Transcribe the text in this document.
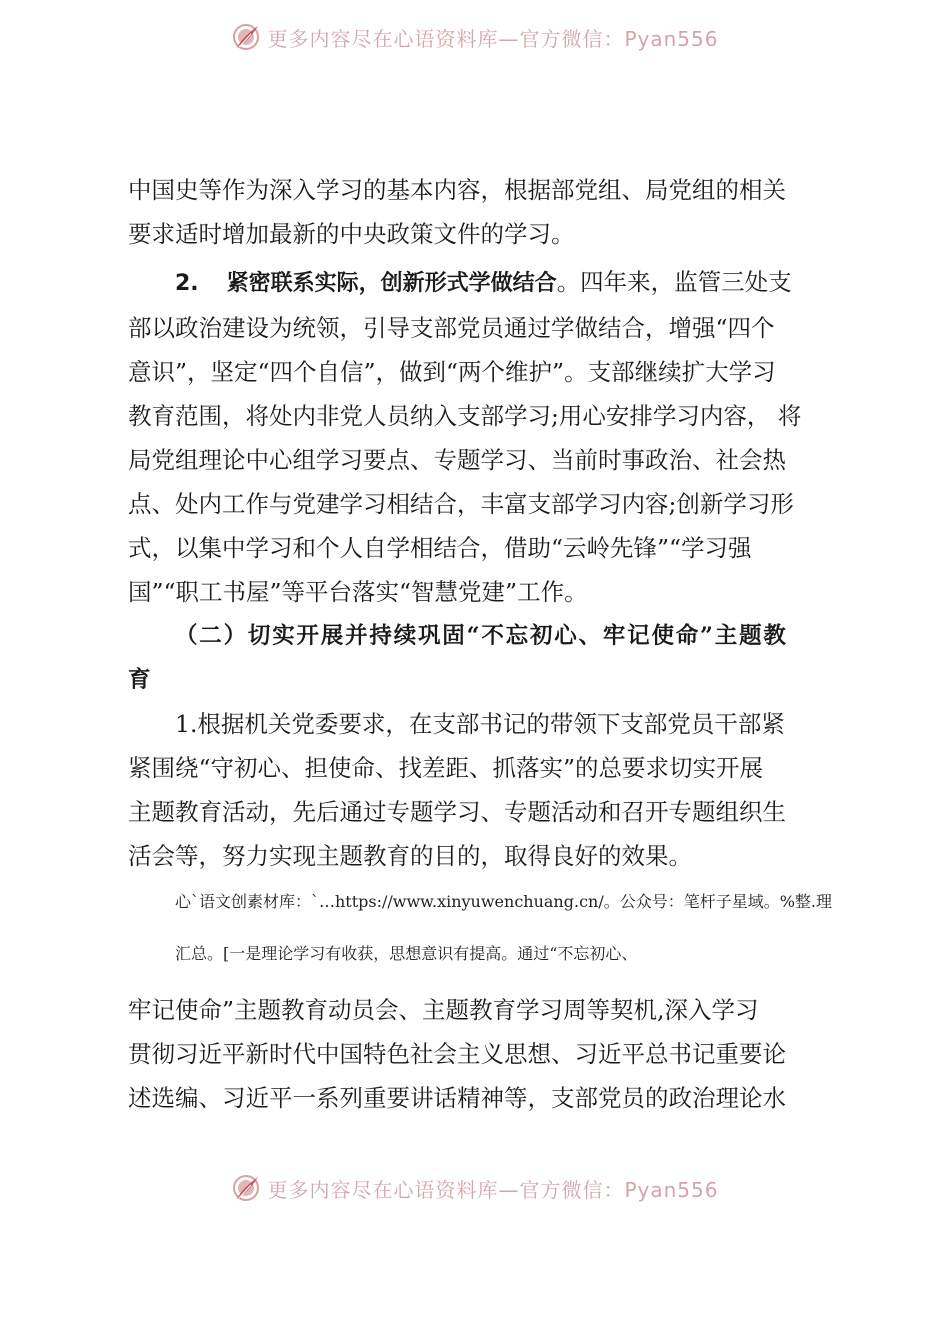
更多内容尽在心语资料库—官方微信：Pyan556

中国史等作为深入学习的基本内容，根据部党组、局党组的相关

要求适时增加最新的中央政策文件的学习。

2. 紧密联系实际，创新形式学做结合。四年来，监管三处支

部以政治建设为统领，引导支部党员通过学做结合，增强“四个

意识”，坚定“四个自信”，做到“两个维护”。支部继续扩大学习

教育范围，将处内非党人员纳入支部学习;用心安排学习内容， 将

局党组理论中心组学习要点、专题学习、当前时事政治、社会热

点、处内工作与党建学习相结合，丰富支部学习内容;创新学习形

式，以集中学习和个人自学相结合，借助“云岭先锋”“学习强

国”“职工书屋”等平台落实“智慧党建”工作。

（二）切实开展并持续巩固“不忘初心、牢记使命”主题教

育

1.根据机关党委要求，在支部书记的带领下支部党员干部紧

紧围绕“守初心、担使命、找差距、抓落实”的总要求切实开展

主题教育活动，先后通过专题学习、专题活动和召开专题组织生

活会等，努力实现主题教育的目的，取得良好的效果。

心`语文创素材库：`…https://www.xinyuwenchuang.cn/。公众号：笔杆子星域。%整.理

汇总。[一是理论学习有收获，思想意识有提高。通过“不忘初心、

牢记使命”主题教育动员会、主题教育学习周等契机,深入学习

贯彻习近平新时代中国特色社会主义思想、习近平总书记重要论

述选编、习近平一系列重要讲话精神等，支部党员的政治理论水

更多内容尽在心语资料库—官方微信：Pyan556
